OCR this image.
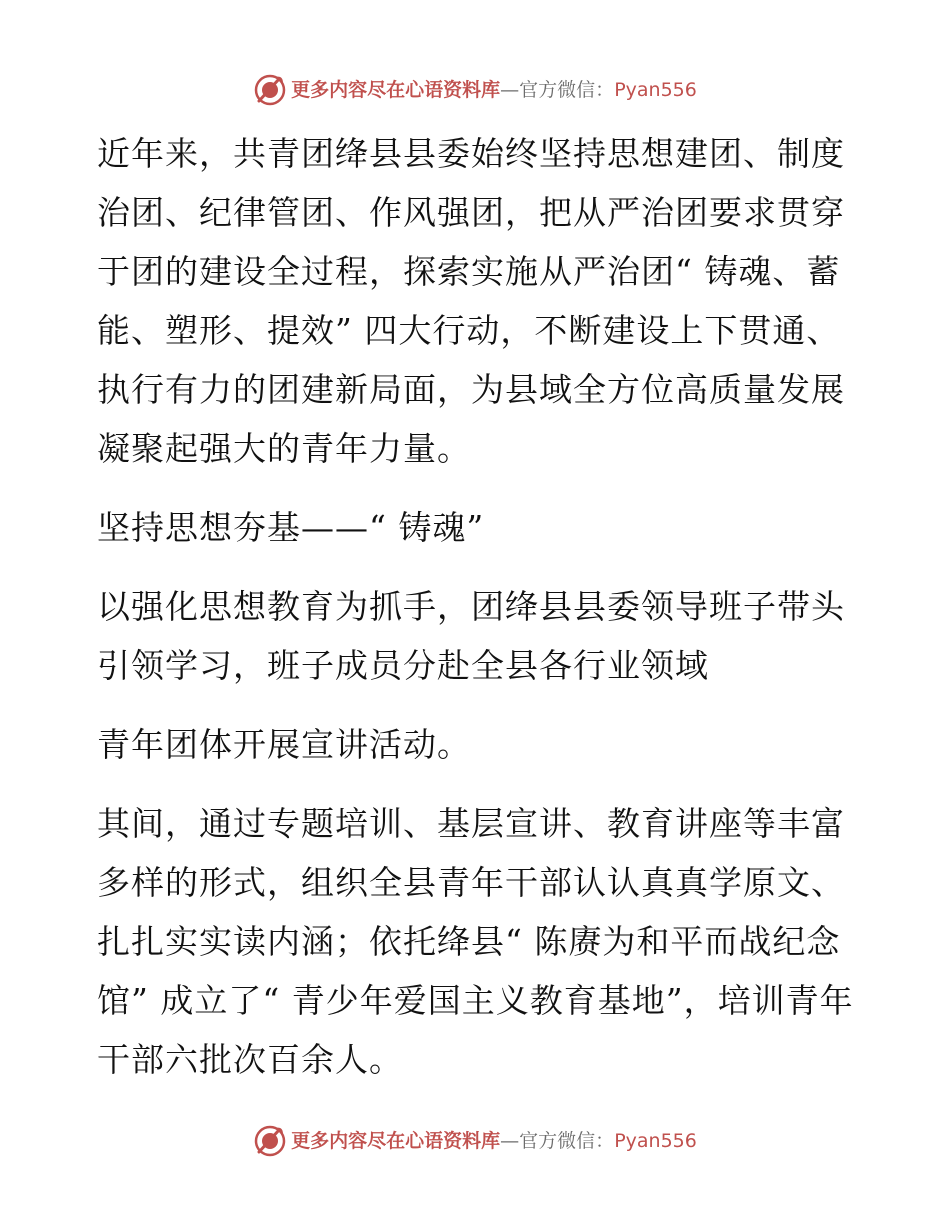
更多内容尽在心语资料库—官方微信：Pyan556

近年来，共青团绛县县委始终坚持思想建团、制度治团、纪律管团、作风强团，把从严治团要求贯穿于团的建设全过程，探索实施从严治团“ 铸魂、蓄能、塑形、提效” 四大行动，不断建设上下贯通、执行有力的团建新局面，为县域全方位高质量发展凝聚起强大的青年力量。

坚持思想夯基——“ 铸魂”

以强化思想教育为抓手，团绛县县委领导班子带头引领学习，班子成员分赴全县各行业领域

青年团体开展宣讲活动。

其间，通过专题培训、基层宣讲、教育讲座等丰富多样的形式，组织全县青年干部认认真真学原文、扎扎实实读内涵；依托绛县“ 陈赓为和平而战纪念馆” 成立了“ 青少年爱国主义教育基地”，培训青年干部六批次百余人。

更多内容尽在心语资料库—官方微信：Pyan556
